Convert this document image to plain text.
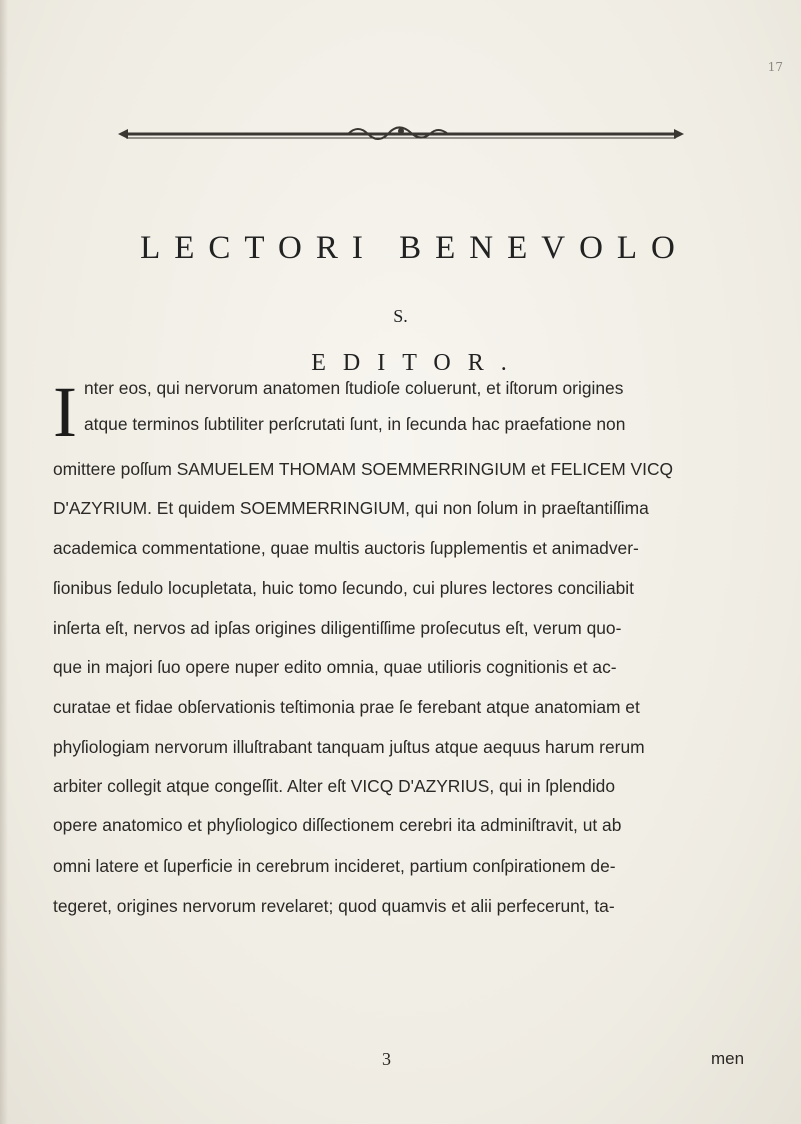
17
LECTORI BENEVOLO
S.
EDITOR.
I nter eos, qui nervorum anatomen ſtudioſe coluerunt, et iſtorum origines
atque terminos ſubtiliter perſcrutati ſunt, in ſecunda hac praefatione non
omittere poſſum SAMUELEM THOMAM SOEMMERRINGIUM et FELICEM VICQ
D'AZYRIUM. Et quidem SOEMMERRINGIUM, qui non ſolum in praeſtantiſſima
academica commentatione, quae multis auctoris ſupplementis et animadver-
ſionibus ſedulo locupletata, huic tomo ſecundo, cui plures lectores conciliabit
inſerta eſt, nervos ad ipſas origines diligentiſſime proſecutus eſt, verum quo-
que in majori ſuo opere nuper edito omnia, quae utilioris cognitionis et ac-
curatae et fidae obſervationis teſtimonia prae ſe ferebant atque anatomiam et
phyſiologiam nervorum illuſtrabant tanquam juſtus atque aequus harum rerum
arbiter collegit atque congeſſit. Alter eſt VICQ D'AZYRIUS, qui in ſplendido
opere anatomico et phyſiologico diſſectionem cerebri ita adminiſtravit, ut ab
omni latere et ſuperficie in cerebrum incideret, partium conſpirationem de-
tegeret, origines nervorum revelaret; quod quamvis et alii perfecerunt, ta-
3	men
